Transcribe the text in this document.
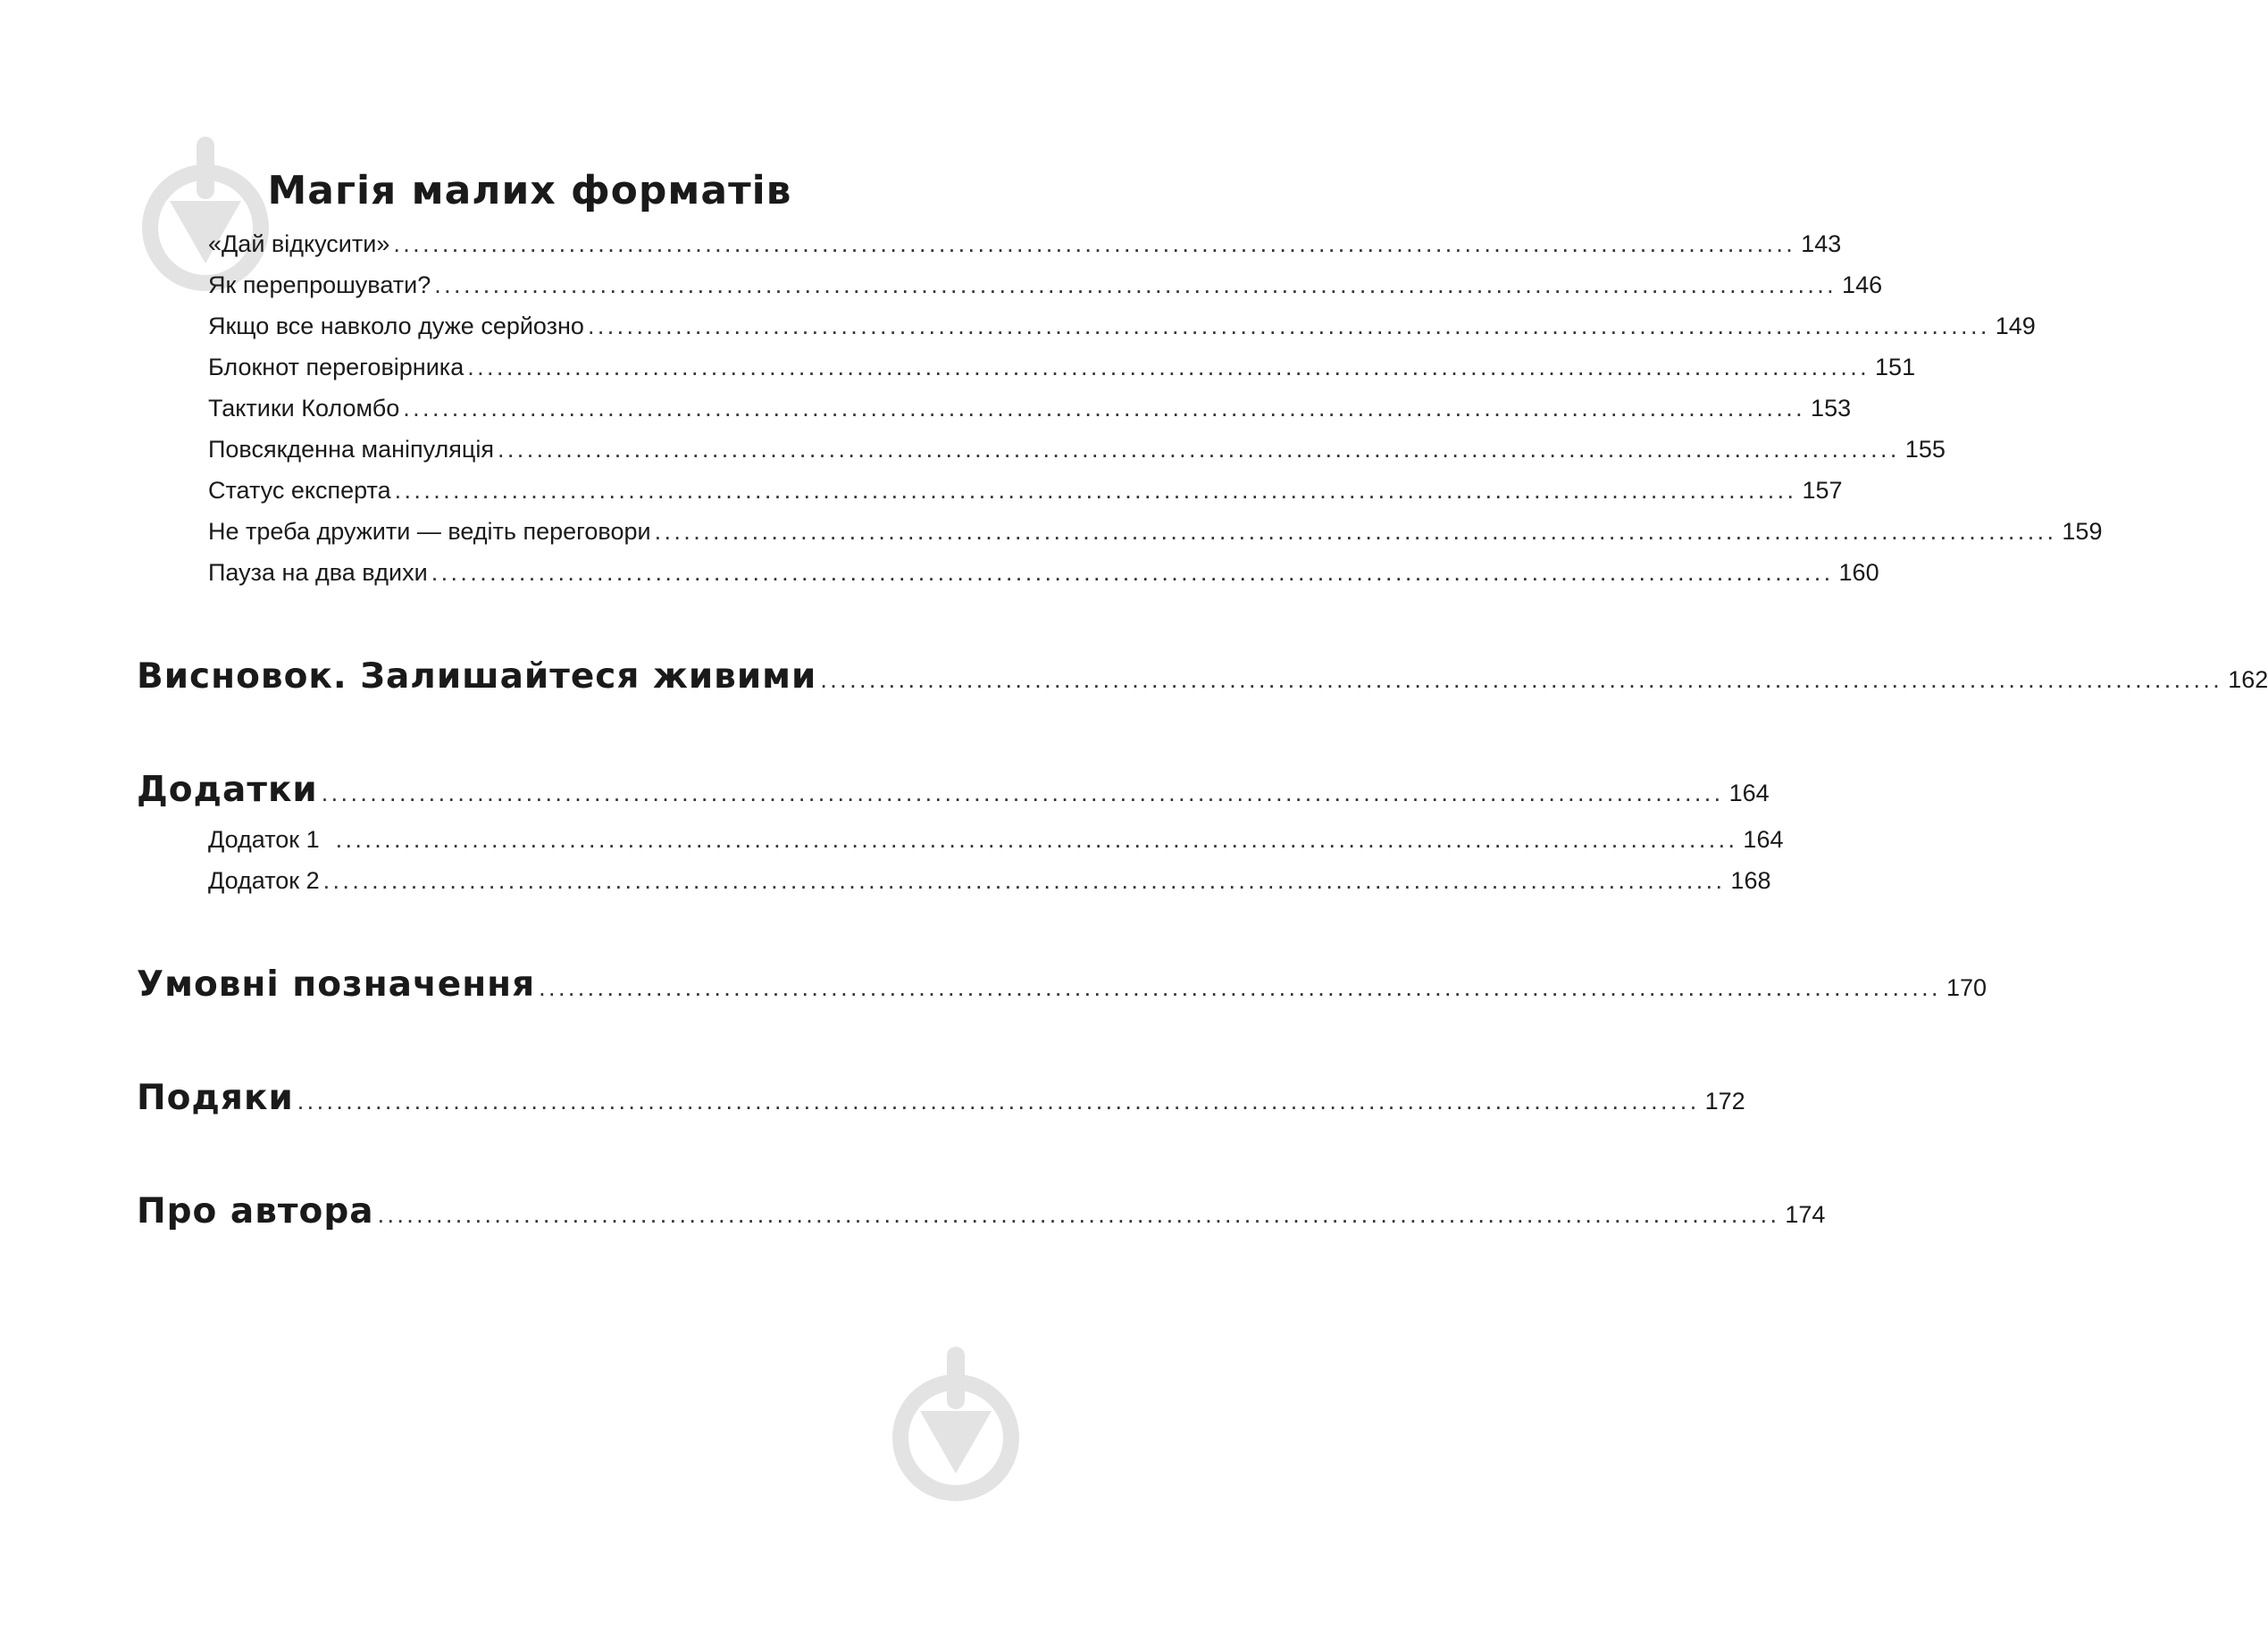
Магія малих форматів
«Дай відкусити» ................................................................................................................................................ 143
Як перепрошувати? ................................................................................................................................................ 146
Якщо все навколо дуже серйозно ................................................................................................................................................ 149
Блокнот переговірника ................................................................................................................................................ 151
Тактики Коломбо ................................................................................................................................................ 153
Повсякденна маніпуляція ................................................................................................................................................ 155
Статус експерта ................................................................................................................................................ 157
Не треба дружити — ведіть переговори ................................................................................................................................................ 159
Пауза на два вдихи ................................................................................................................................................ 160
Висновок. Залишайтеся живими ................................................................................................................................................ 162
Додатки ................................................................................................................................................ 164
Додаток 1 ................................................................................................................................................ 164
Додаток 2 ................................................................................................................................................ 168
Умовні позначення ................................................................................................................................................ 170
Подяки ................................................................................................................................................ 172
Про автора ................................................................................................................................................ 174
